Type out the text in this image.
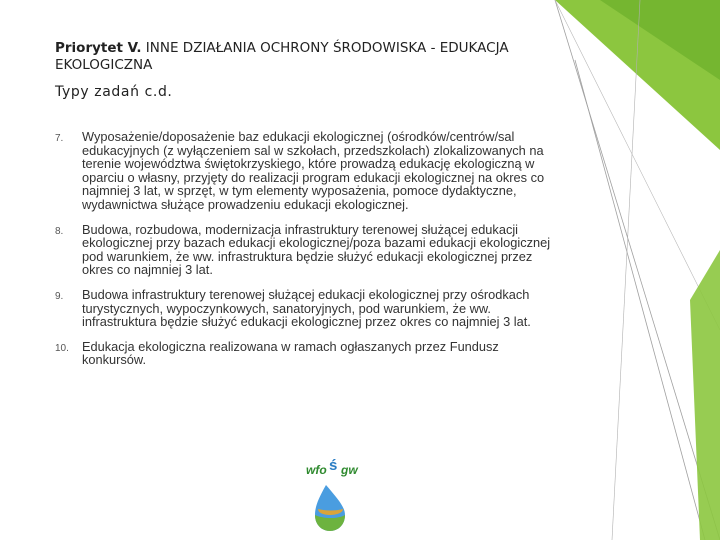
Priorytet V. INNE DZIAŁANIA OCHRONY ŚRODOWISKA - EDUKACJA EKOLOGICZNA
Typy zadań c.d.
7.	Wyposażenie/doposażenie baz edukacji ekologicznej (ośrodków/centrów/sal edukacyjnych (z wyłączeniem sal w szkołach, przedszkolach) zlokalizowanych na terenie województwa świętokrzyskiego, które prowadzą edukację ekologiczną w oparciu o własny, przyjęty do realizacji program edukacji ekologicznej na okres co najmniej 3 lat, w sprzęt, w tym elementy wyposażenia, pomoce dydaktyczne, wydawnictwa służące prowadzeniu edukacji ekologicznej.
8.	Budowa, rozbudowa, modernizacja infrastruktury terenowej służącej edukacji ekologicznej przy bazach edukacji ekologicznej/poza bazami edukacji ekologicznej pod warunkiem, że ww. infrastruktura będzie służyć edukacji ekologicznej przez okres co najmniej 3 lat.
9.	Budowa infrastruktury terenowej służącej edukacji ekologicznej przy ośrodkach turystycznych, wypoczynkowych, sanatoryjnych, pod warunkiem, że ww. infrastruktura będzie służyć edukacji ekologicznej przez okres co najmniej 3 lat.
10.	Edukacja ekologiczna realizowana w ramach ogłaszanych przez Fundusz konkursów.
wfo ś gw
